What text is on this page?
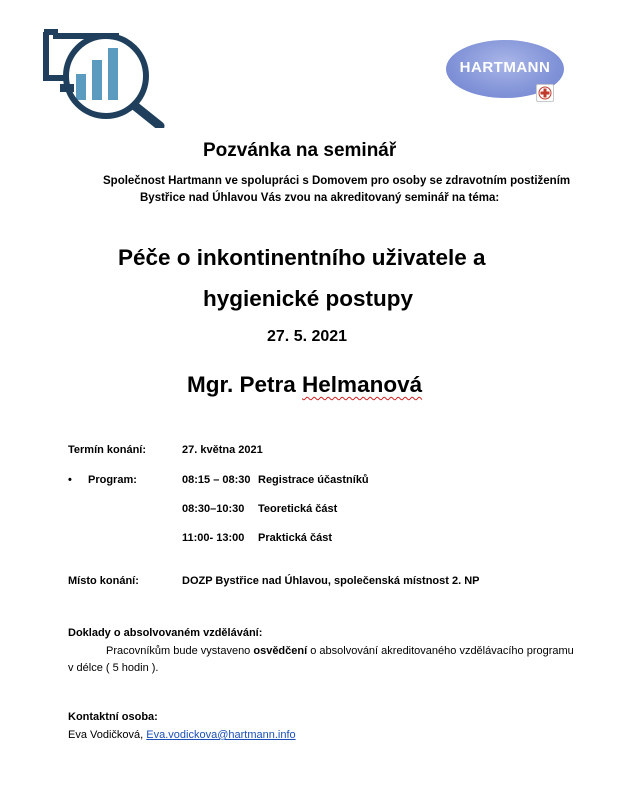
HARTMANN
Pozvánka na seminář
Společnost Hartmann ve spolupráci s Domovem pro osoby se zdravotním postižením
Bystřice nad Úhlavou Vás zvou na akreditovaný seminář na téma:
Péče o inkontinentního uživatele a
hygienické postupy
27. 5. 2021
Mgr. Petra Helmanová
Termín konání:	27. května 2021
• Program:	08:15 – 08:30 Registrace účastníků
08:30–10:30 Teoretická část
11:00- 13:00 Praktická část
Místo konání:	DOZP Bystřice nad Úhlavou, společenská místnost 2. NP
Doklady o absolvovaném vzdělávání:
Pracovníkům bude vystaveno osvědčení o absolvování akreditovaného vzdělávacího programu
v délce ( 5 hodin ).
Kontaktní osoba:
Eva Vodičková, Eva.vodickova@hartmann.info
